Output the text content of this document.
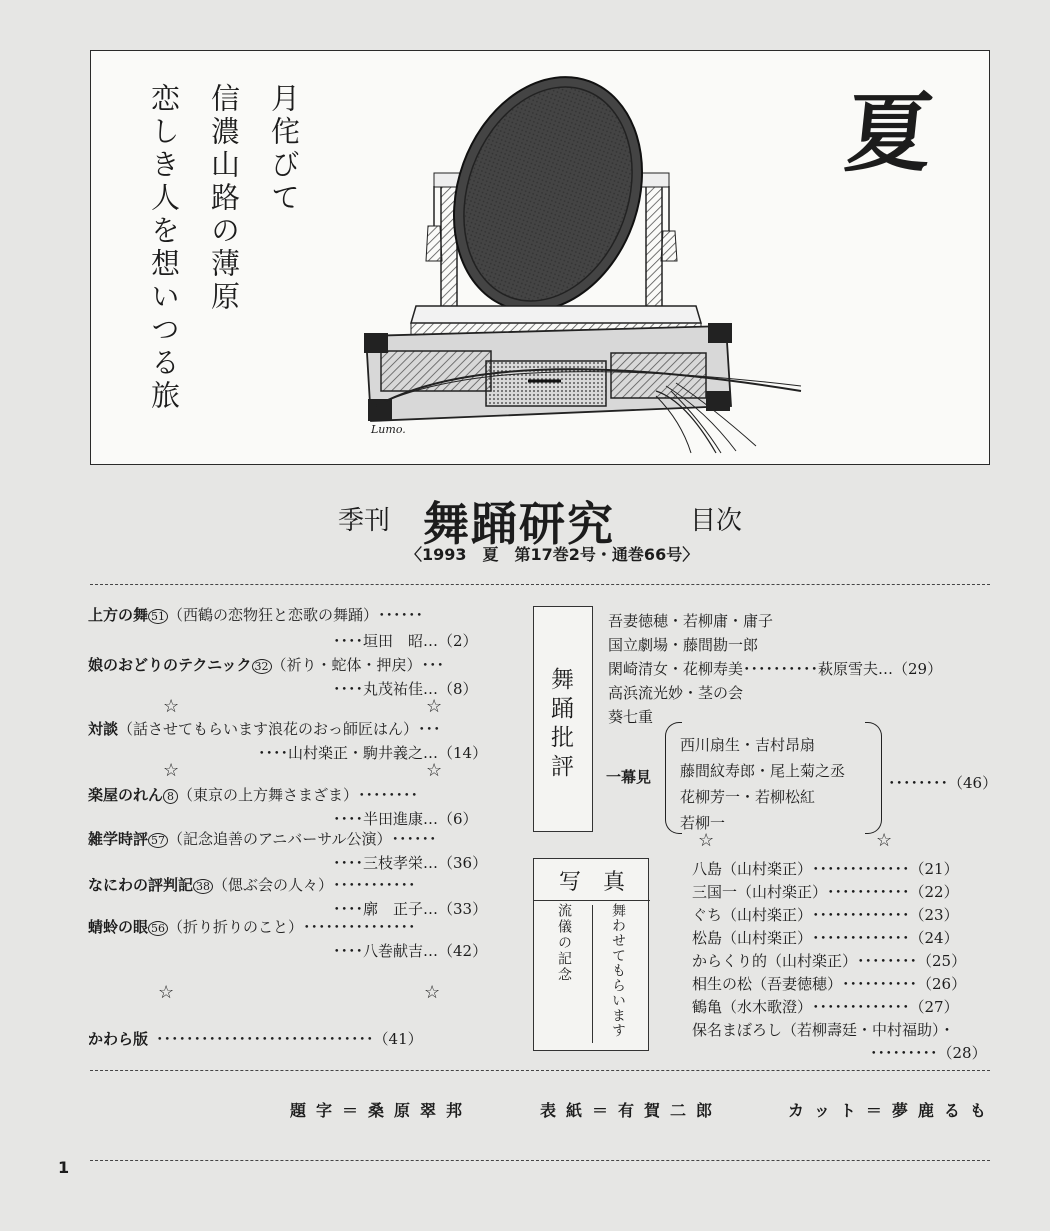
月侘びて
信濃山路の薄原
恋しき人を想いつる旅
Lumo.
夏
季刊 舞踊研究	目次
〈1993　夏　第17巻2号・通巻66号〉
上方の舞 51 （西鶴の恋物狂と恋歌の舞踊）･･････
････垣田　昭…（2）
娘のおどりのテクニック 32 （祈り・蛇体・押戻）･･･
････丸茂祐佳…（8）
☆	☆
対談（話させてもらいます浪花のおっ師匠はん）･･･
････山村楽正・駒井義之…（14）
☆	☆
楽屋のれん 8 （東京の上方舞さまざま）････････
････半田進康…（6）
雑学時評 57 （記念追善のアニバーサル公演）･･････
････三枝孝栄…（36）
なにわの評判記 38 （偲ぶ会の人々）･･･････････
････廓　正子…（33）
蜻蛉の眼 56 （折り折りのこと）･･･････････････
････八巻献吉…（42）
☆	☆
かわら版 ･････････････････････････････（41）
舞踊批評
写　真
流儀の記念	舞わせてもらいます
吾妻徳穂・若柳庸・庸子
国立劇場・藤間勘一郎
閑崎清女・花柳寿美･･････････萩原雪夫…（29）
高浜流光妙・茎の会
葵七重
一幕見
西川扇生・吉村昂扇
藤間紋寿郎・尾上菊之丞
花柳芳一・若柳松紅
若柳一
････････（46）
☆	☆
八島（山村楽正）･････････････（21）
三国一（山村楽正）･･･････････（22）
ぐち（山村楽正）･････････････（23）
松島（山村楽正）･････････････（24）
からくり的（山村楽正）････････（25）
相生の松（吾妻徳穂）･･････････（26）
鶴亀（水木歌澄）･････････････（27）
保名まぼろし（若柳壽廷・中村福助）・
･････････（28）
題字＝桑原翠邦	表紙＝有賀二郎	カット＝夢鹿るも
1
